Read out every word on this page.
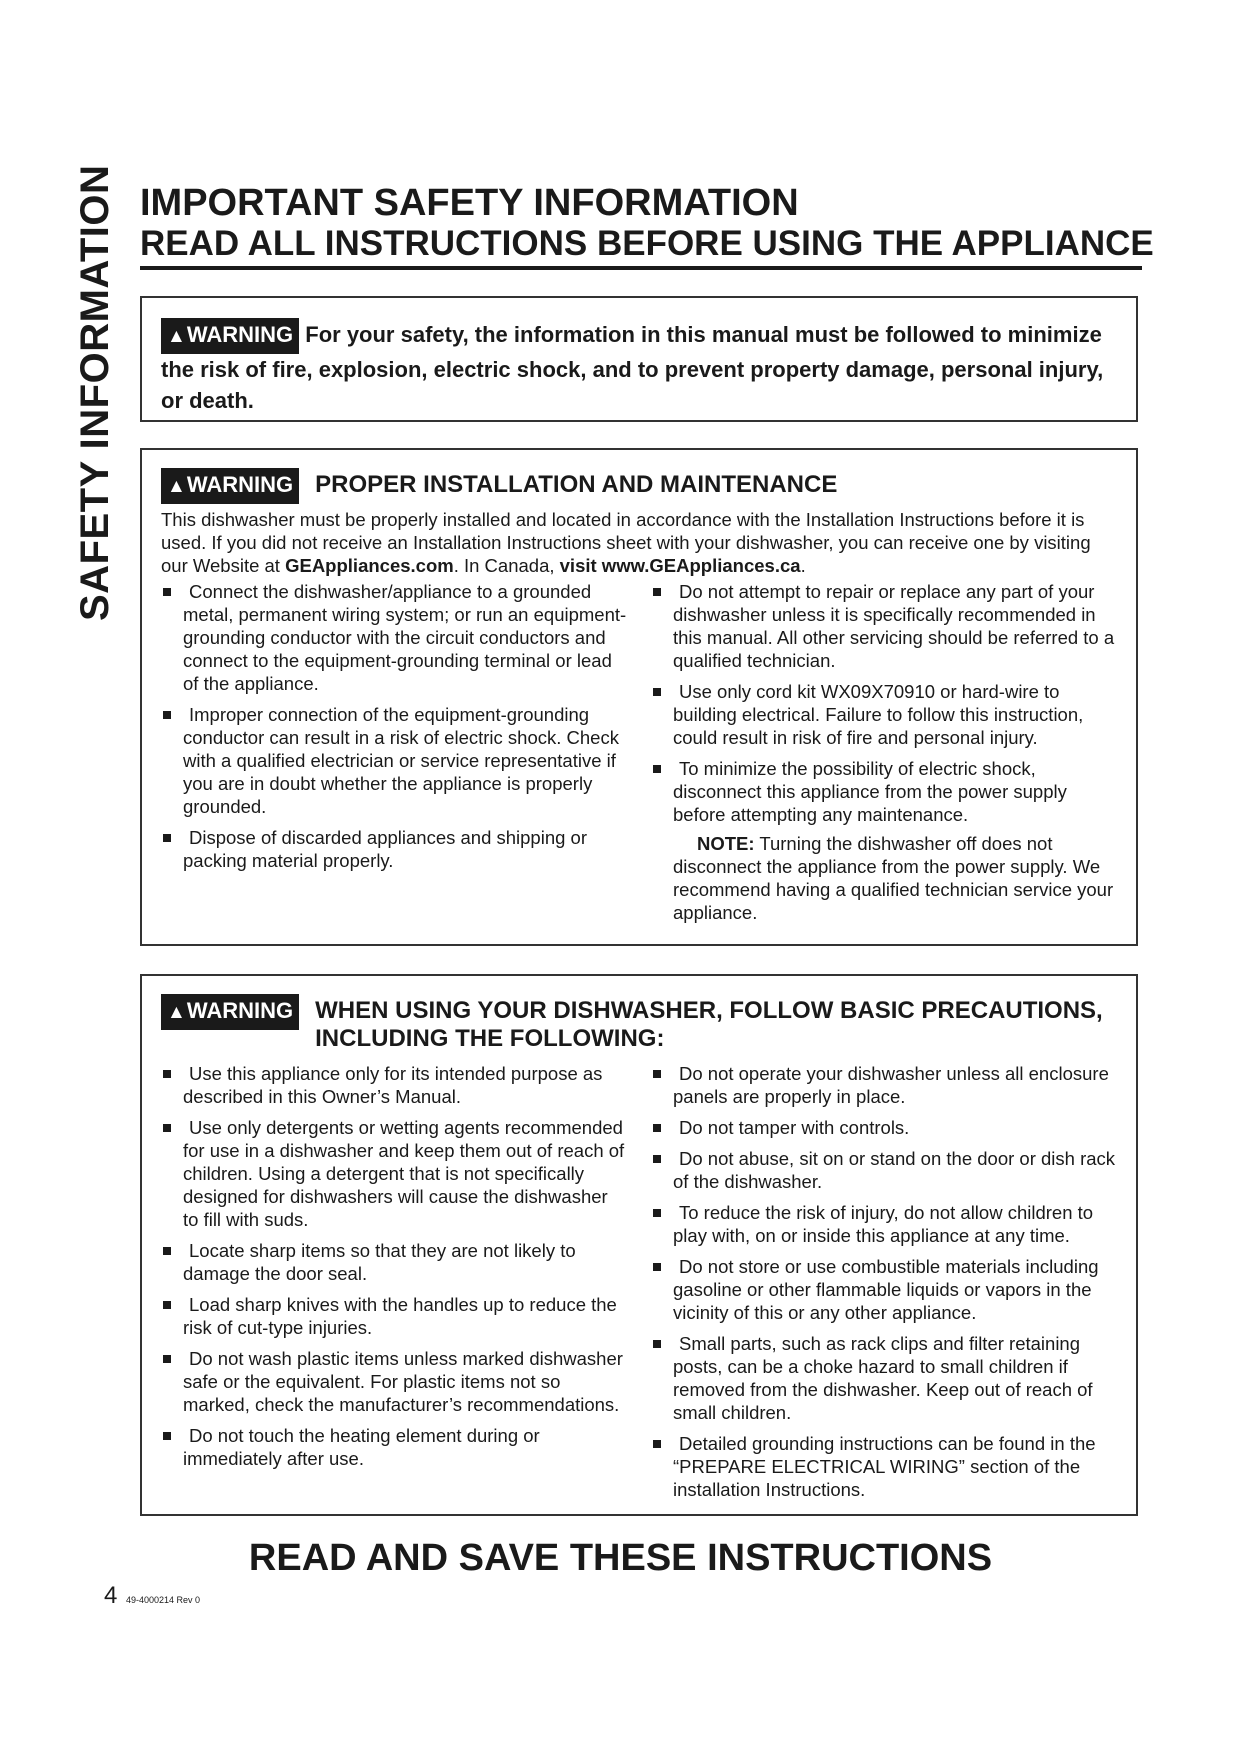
SAFETY INFORMATION IMPORTANT SAFETY INFORMATION
READ ALL INSTRUCTIONS BEFORE USING THE APPLIANCE
▲WARNING For your safety, the information in this manual must be followed to minimize the risk of fire, explosion, electric shock, and to prevent property damage, personal injury, or death.
▲WARNING PROPER INSTALLATION AND MAINTENANCE
This dishwasher must be properly installed and located in accordance with the Installation Instructions before it is used. If you did not receive an Installation Instructions sheet with your dishwasher, you can receive one by visiting our Website at GEAppliances.com. In Canada, visit www.GEAppliances.ca.
Connect the dishwasher/appliance to a grounded metal, permanent wiring system; or run an equipment-grounding conductor with the circuit conductors and connect to the equipment-grounding terminal or lead of the appliance.
Improper connection of the equipment-grounding conductor can result in a risk of electric shock. Check with a qualified electrician or service representative if you are in doubt whether the appliance is properly grounded.
Dispose of discarded appliances and shipping or packing material properly.
Do not attempt to repair or replace any part of your dishwasher unless it is specifically recommended in this manual. All other servicing should be referred to a qualified technician.
Use only cord kit WX09X70910 or hard-wire to building electrical. Failure to follow this instruction, could result in risk of fire and personal injury.
To minimize the possibility of electric shock, disconnect this appliance from the power supply before attempting any maintenance.
NOTE: Turning the dishwasher off does not disconnect the appliance from the power supply. We recommend having a qualified technician service your appliance.
▲WARNING WHEN USING YOUR DISHWASHER, FOLLOW BASIC PRECAUTIONS, INCLUDING THE FOLLOWING:
Use this appliance only for its intended purpose as described in this Owner’s Manual.
Use only detergents or wetting agents recommended for use in a dishwasher and keep them out of reach of children. Using a detergent that is not specifically designed for dishwashers will cause the dishwasher to fill with suds.
Locate sharp items so that they are not likely to damage the door seal.
Load sharp knives with the handles up to reduce the risk of cut-type injuries.
Do not wash plastic items unless marked dishwasher safe or the equivalent. For plastic items not so marked, check the manufacturer’s recommendations.
Do not touch the heating element during or immediately after use.
Do not operate your dishwasher unless all enclosure panels are properly in place.
Do not tamper with controls.
Do not abuse, sit on or stand on the door or dish rack of the dishwasher.
To reduce the risk of injury, do not allow children to play with, on or inside this appliance at any time.
Do not store or use combustible materials including gasoline or other flammable liquids or vapors in the vicinity of this or any other appliance.
Small parts, such as rack clips and filter retaining posts, can be a choke hazard to small children if removed from the dishwasher. Keep out of reach of small children.
Detailed grounding instructions can be found in the “PREPARE ELECTRICAL WIRING” section of the installation Instructions.
READ AND SAVE THESE INSTRUCTIONS
4 49-4000214 Rev 0
